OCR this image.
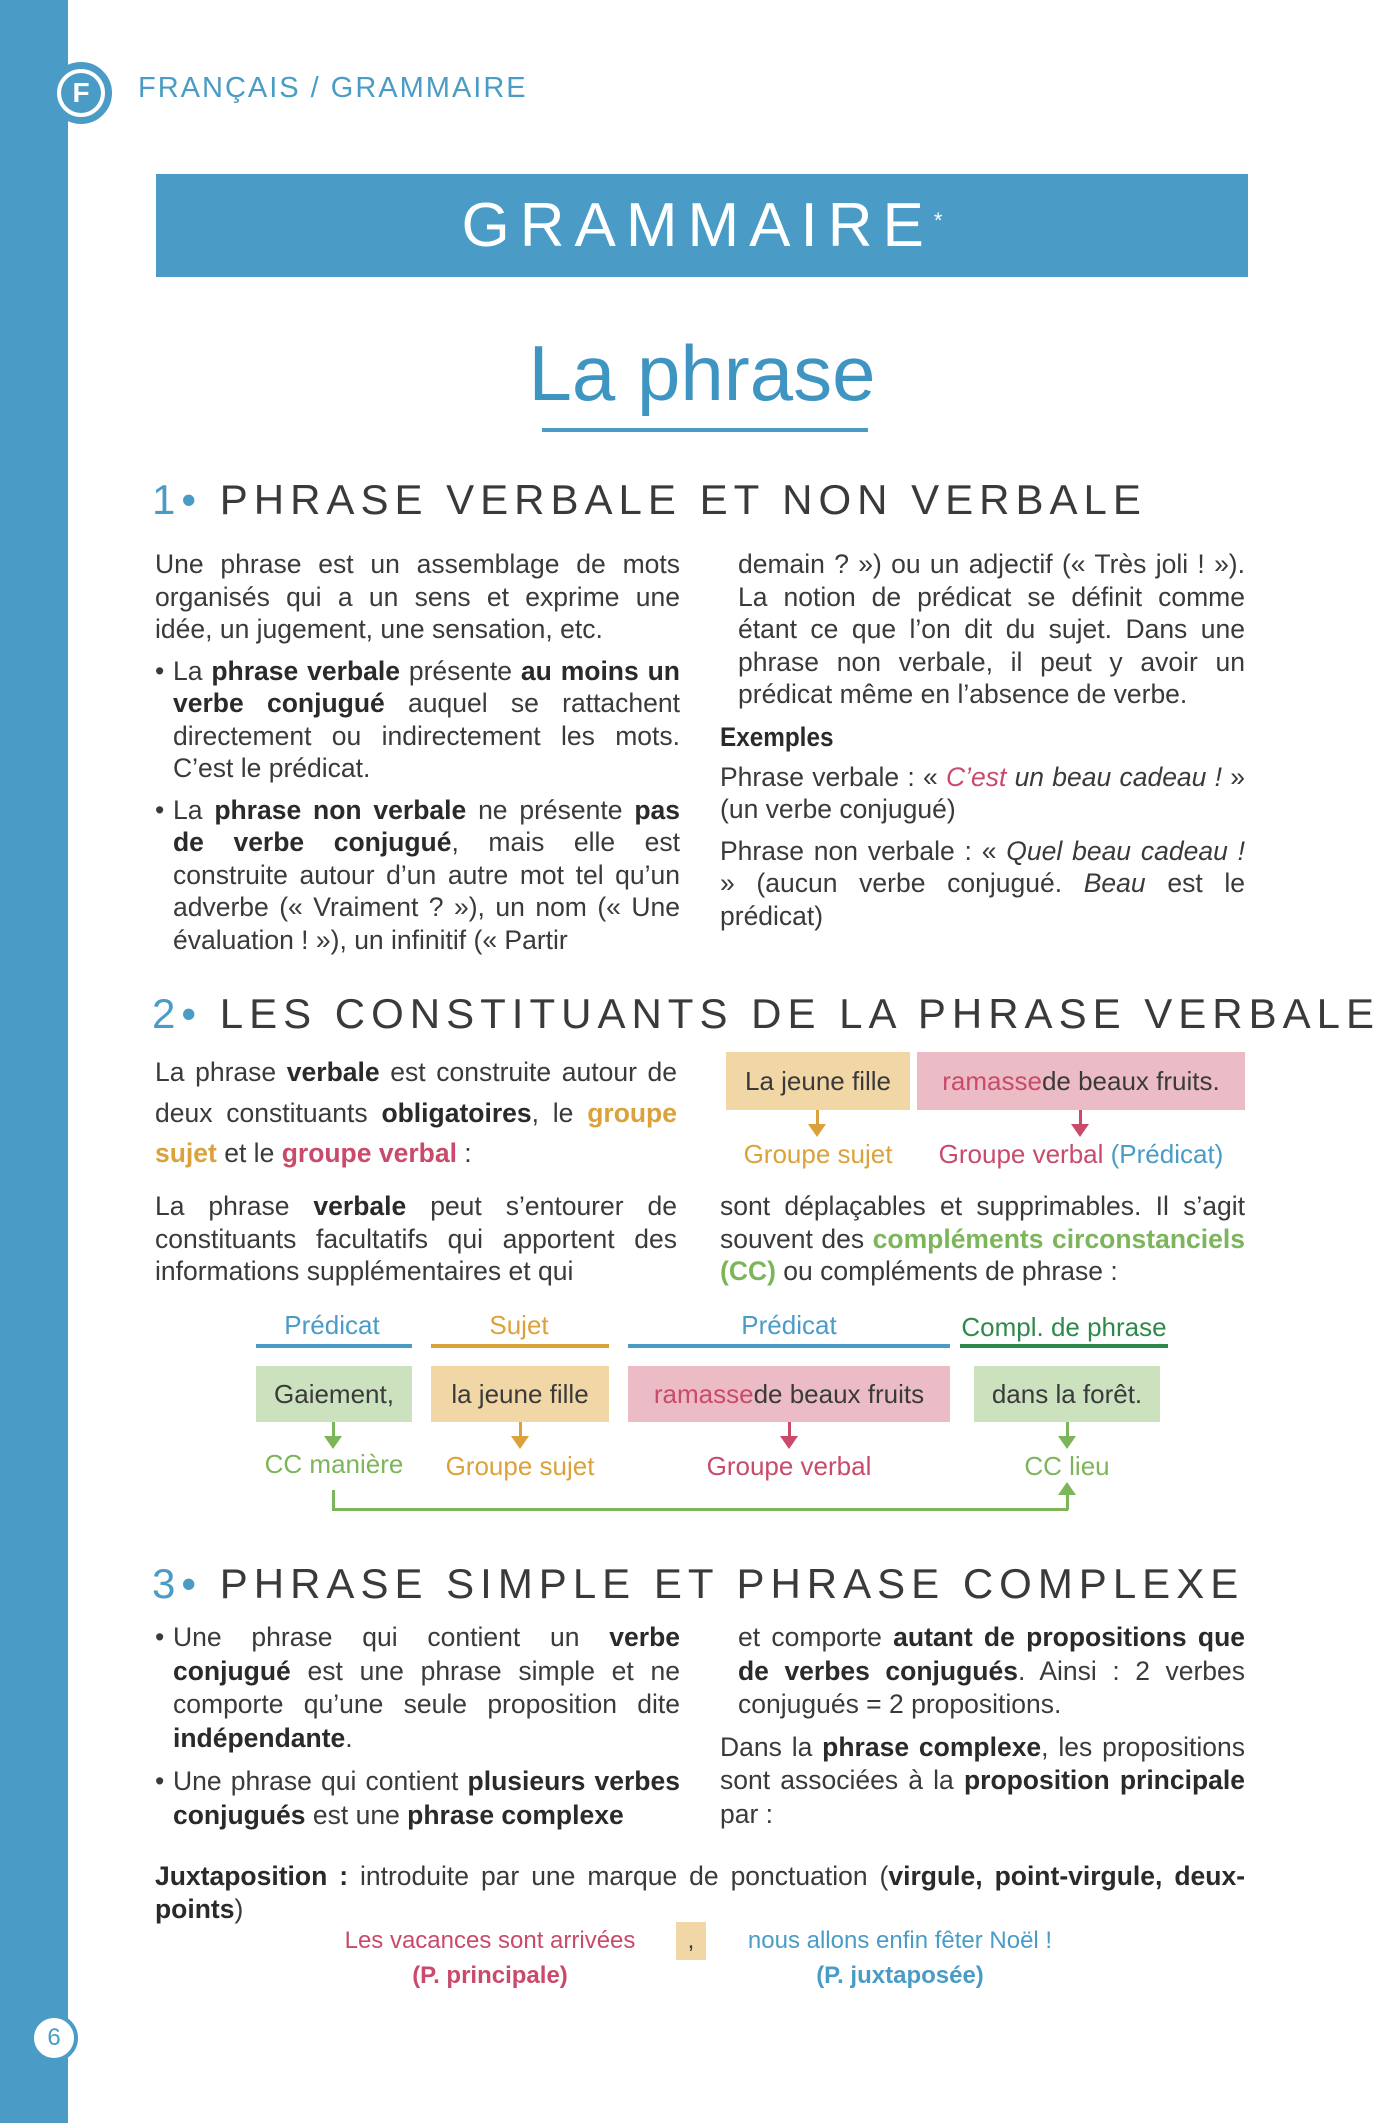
F	FRANÇAIS / GRAMMAIRE
GRAMMAIRE *
La phrase
1• PHRASE VERBALE ET NON VERBALE
Une phrase est un assemblage de mots organisés qui a un sens et exprime une idée, un jugement, une sensation, etc.
• La phrase verbale présente au moins un verbe conjugué auquel se rattachent directement ou indirectement les mots. C’est le prédicat.
• La phrase non verbale ne présente pas de verbe conjugué, mais elle est construite autour d’un autre mot tel qu’un adverbe (« Vraiment ? »), un nom (« Une évaluation ! »), un infinitif (« Partir
demain ? ») ou un adjectif (« Très joli ! »). La notion de prédicat se définit comme étant ce que l’on dit du sujet. Dans une phrase non verbale, il peut y avoir un prédicat même en l’absence de verbe.
Exemples
Phrase verbale : « C’est un beau cadeau ! » (un verbe conjugué)
Phrase non verbale : « Quel beau cadeau ! » (aucun verbe conjugué. Beau est le prédicat)
2• LES CONSTITUANTS DE LA PHRASE VERBALE
La phrase verbale est construite autour de deux constituants obligatoires, le groupe sujet et le groupe verbal :
La jeune fille	ramasse de beaux fruits.
Groupe sujet	Groupe verbal (Prédicat)
La phrase verbale peut s’entourer de constituants facultatifs qui apportent des informations supplémentaires et qui
sont déplaçables et supprimables. Il s’agit souvent des compléments circonstanciels (CC) ou compléments de phrase :
Prédicat	Sujet	Prédicat	Compl. de phrase
Gaiement,	la jeune fille	ramasse de beaux fruits	dans la forêt.
CC manière	Groupe sujet	Groupe verbal	CC lieu
3• PHRASE SIMPLE ET PHRASE COMPLEXE
• Une phrase qui contient un verbe conjugué est une phrase simple et ne comporte qu’une seule proposition dite indépendante.
• Une phrase qui contient plusieurs verbes conjugués est une phrase complexe
et comporte autant de propositions que de verbes conjugués. Ainsi : 2 verbes conjugués = 2 propositions.
Dans la phrase complexe, les propositions sont associées à la proposition principale par :
Juxtaposition : introduite par une marque de ponctuation (virgule, point-virgule, deux-points)
Les vacances sont arrivées
(P. principale)
,	nous allons enfin fêter Noël !
(P. juxtaposée)
6
